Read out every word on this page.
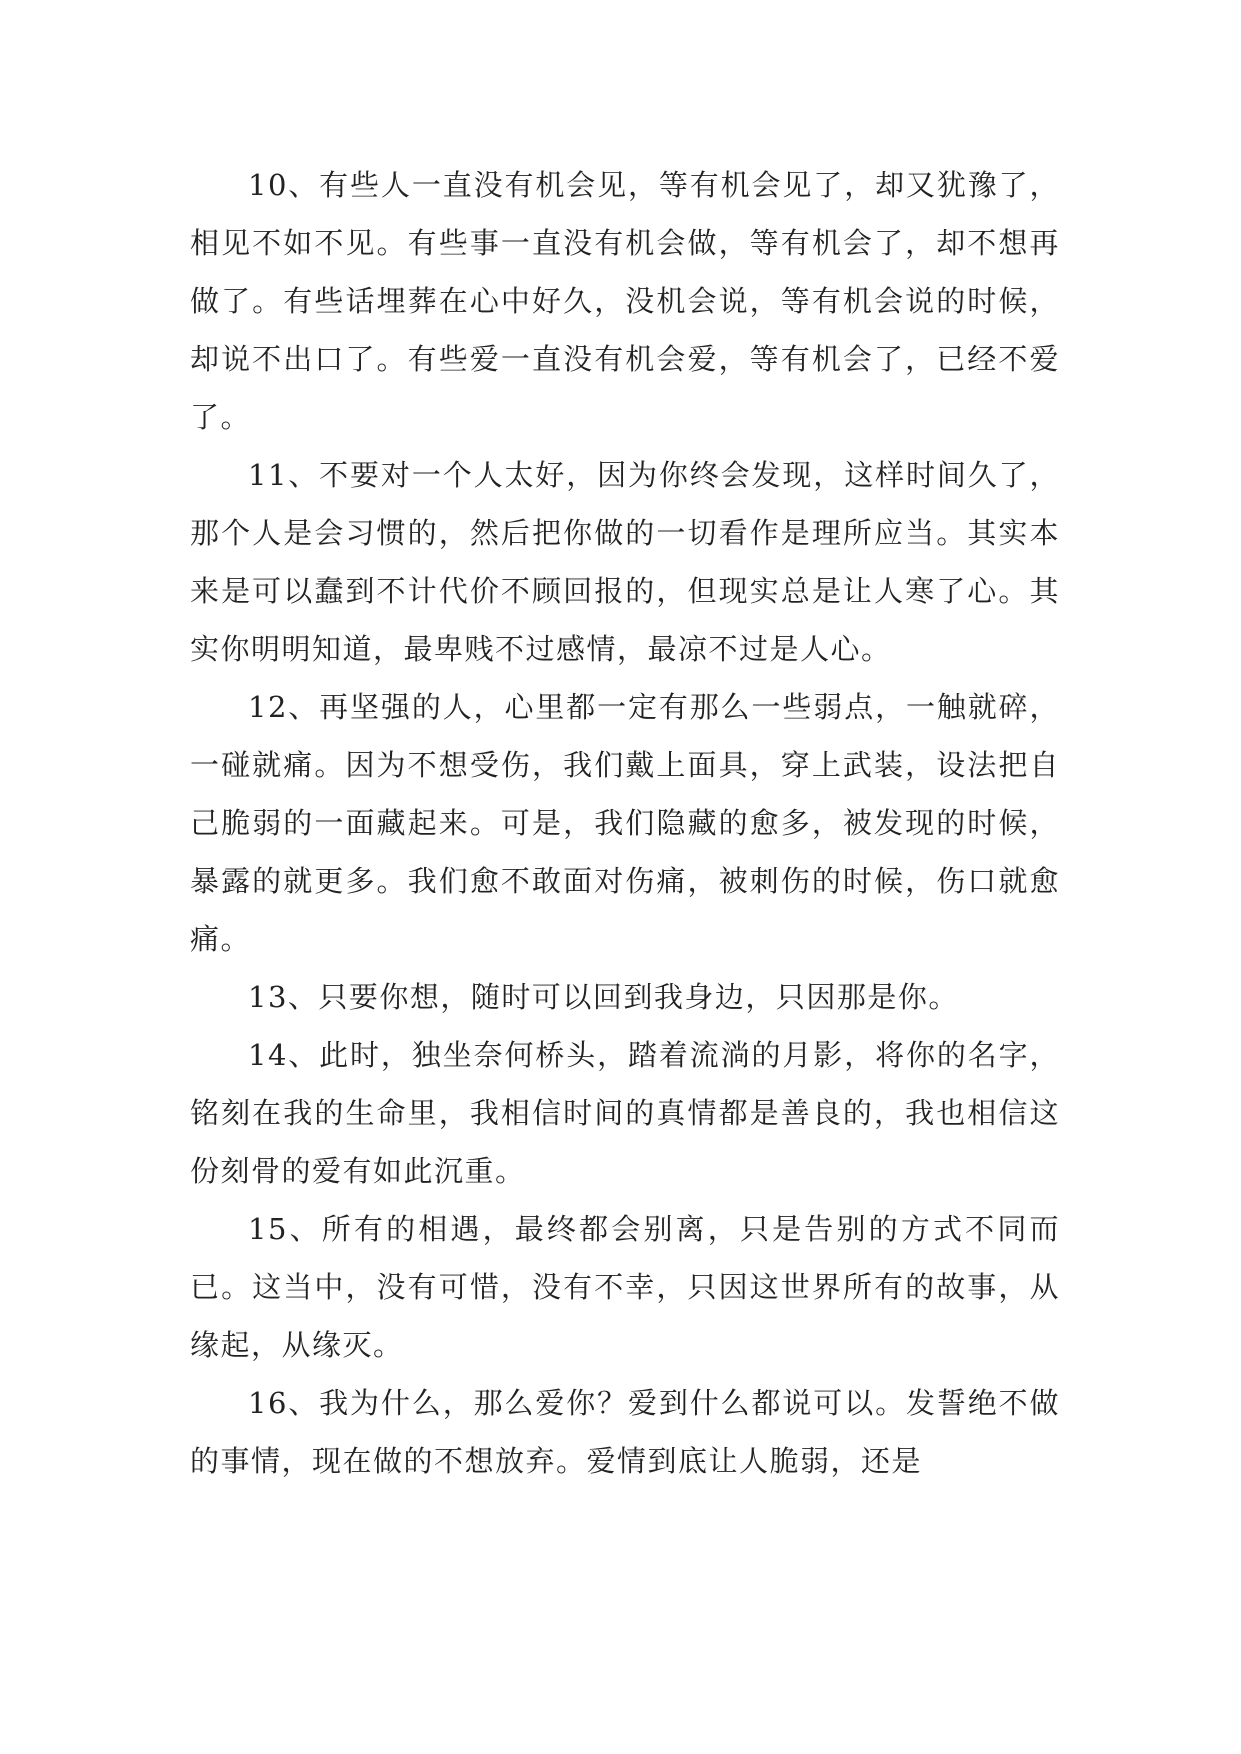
10、有些人一直没有机会见，等有机会见了，却又犹豫了，相见不如不见。有些事一直没有机会做，等有机会了，却不想再做了。有些话埋葬在心中好久，没机会说，等有机会说的时候，却说不出口了。有些爱一直没有机会爱，等有机会了，已经不爱了。

11、不要对一个人太好，因为你终会发现，这样时间久了，那个人是会习惯的，然后把你做的一切看作是理所应当。其实本来是可以蠢到不计代价不顾回报的，但现实总是让人寒了心。其实你明明知道，最卑贱不过感情，最凉不过是人心。

12、再坚强的人，心里都一定有那么一些弱点，一触就碎，一碰就痛。因为不想受伤，我们戴上面具，穿上武装，设法把自己脆弱的一面藏起来。可是，我们隐藏的愈多，被发现的时候，暴露的就更多。我们愈不敢面对伤痛，被刺伤的时候，伤口就愈痛。

13、只要你想，随时可以回到我身边，只因那是你。

14、此时，独坐奈何桥头，踏着流淌的月影，将你的名字，铭刻在我的生命里，我相信时间的真情都是善良的，我也相信这份刻骨的爱有如此沉重。

15、所有的相遇，最终都会别离，只是告别的方式不同而已。这当中，没有可惜，没有不幸，只因这世界所有的故事，从缘起，从缘灭。

16、我为什么，那么爱你？爱到什么都说可以。发誓绝不做的事情，现在做的不想放弃。爱情到底让人脆弱，还是
